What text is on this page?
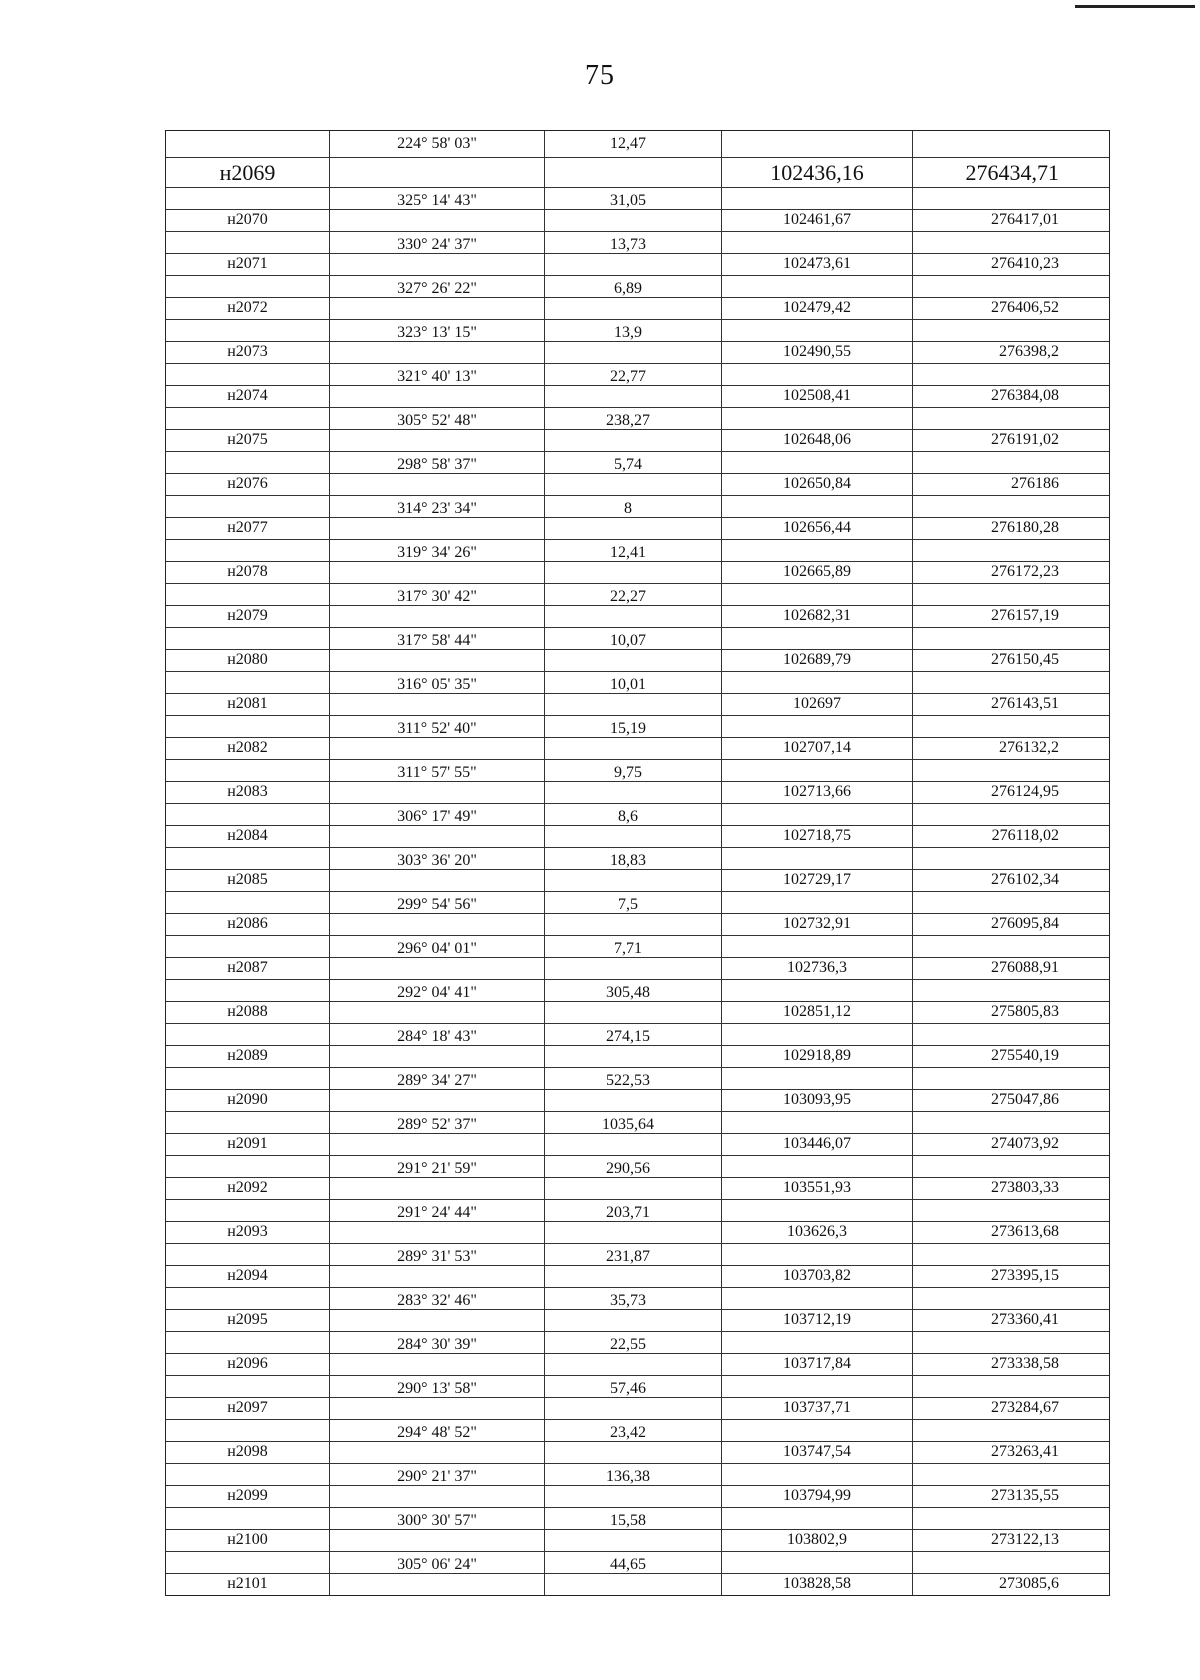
75
224° 58' 03"	12,47
н2069	102436,16	276434,71
325° 14' 43"	31,05
н2070	102461,67	276417,01
330° 24' 37"	13,73
н2071	102473,61	276410,23
327° 26' 22"	6,89
н2072	102479,42	276406,52
323° 13' 15"	13,9
н2073	102490,55	276398,2
321° 40' 13"	22,77
н2074	102508,41	276384,08
305° 52' 48"	238,27
н2075	102648,06	276191,02
298° 58' 37"	5,74
н2076	102650,84	276186
314° 23' 34"	8
н2077	102656,44	276180,28
319° 34' 26"	12,41
н2078	102665,89	276172,23
317° 30' 42"	22,27
н2079	102682,31	276157,19
317° 58' 44"	10,07
н2080	102689,79	276150,45
316° 05' 35"	10,01
н2081	102697	276143,51
311° 52' 40"	15,19
н2082	102707,14	276132,2
311° 57' 55"	9,75
н2083	102713,66	276124,95
306° 17' 49"	8,6
н2084	102718,75	276118,02
303° 36' 20"	18,83
н2085	102729,17	276102,34
299° 54' 56"	7,5
н2086	102732,91	276095,84
296° 04' 01"	7,71
н2087	102736,3	276088,91
292° 04' 41"	305,48
н2088	102851,12	275805,83
284° 18' 43"	274,15
н2089	102918,89	275540,19
289° 34' 27"	522,53
н2090	103093,95	275047,86
289° 52' 37"	1035,64
н2091	103446,07	274073,92
291° 21' 59"	290,56
н2092	103551,93	273803,33
291° 24' 44"	203,71
н2093	103626,3	273613,68
289° 31' 53"	231,87
н2094	103703,82	273395,15
283° 32' 46"	35,73
н2095	103712,19	273360,41
284° 30' 39"	22,55
н2096	103717,84	273338,58
290° 13' 58"	57,46
н2097	103737,71	273284,67
294° 48' 52"	23,42
н2098	103747,54	273263,41
290° 21' 37"	136,38
н2099	103794,99	273135,55
300° 30' 57"	15,58
н2100	103802,9	273122,13
305° 06' 24"	44,65
н2101	103828,58	273085,6
